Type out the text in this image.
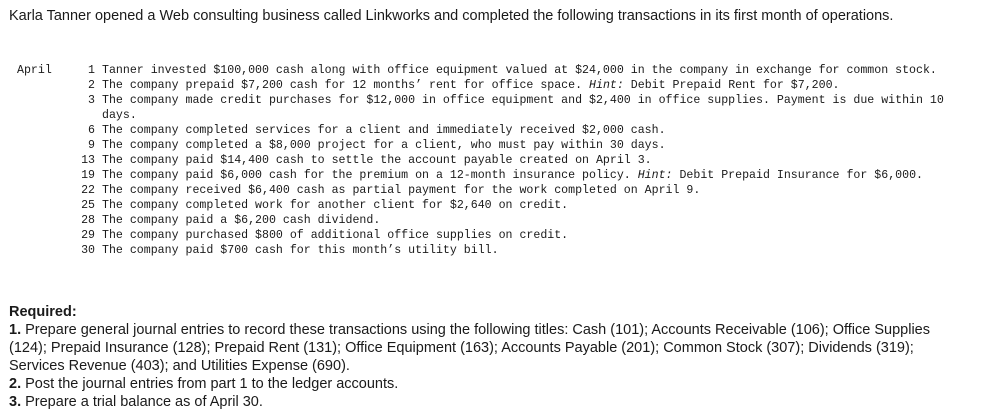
Karla Tanner opened a Web consulting business called Linkworks and completed the following transactions in its first month of operations.
April	1	Tanner invested $100,000 cash along with office equipment valued at $24,000 in the company in exchange for common stock.
	2	The company prepaid $7,200 cash for 12 months’ rent for office space. Hint: Debit Prepaid Rent for $7,200.
	3	The company made credit purchases for $12,000 in office equipment and $2,400 in office supplies. Payment is due within 10 days.
	6	The company completed services for a client and immediately received $2,000 cash.
	9	The company completed a $8,000 project for a client, who must pay within 30 days.
	13	The company paid $14,400 cash to settle the account payable created on April 3.
	19	The company paid $6,000 cash for the premium on a 12-month insurance policy. Hint: Debit Prepaid Insurance for $6,000.
	22	The company received $6,400 cash as partial payment for the work completed on April 9.
	25	The company completed work for another client for $2,640 on credit.
	28	The company paid a $6,200 cash dividend.
	29	The company purchased $800 of additional office supplies on credit.
	30	The company paid $700 cash for this month’s utility bill.

Required:

1. Prepare general journal entries to record these transactions using the following titles: Cash (101); Accounts Receivable (106); Office Supplies (124); Prepaid Insurance (128); Prepaid Rent (131); Office Equipment (163); Accounts Payable (201); Common Stock (307); Dividends (319); Services Revenue (403); and Utilities Expense (690).

2. Post the journal entries from part 1 to the ledger accounts.

3. Prepare a trial balance as of April 30.
